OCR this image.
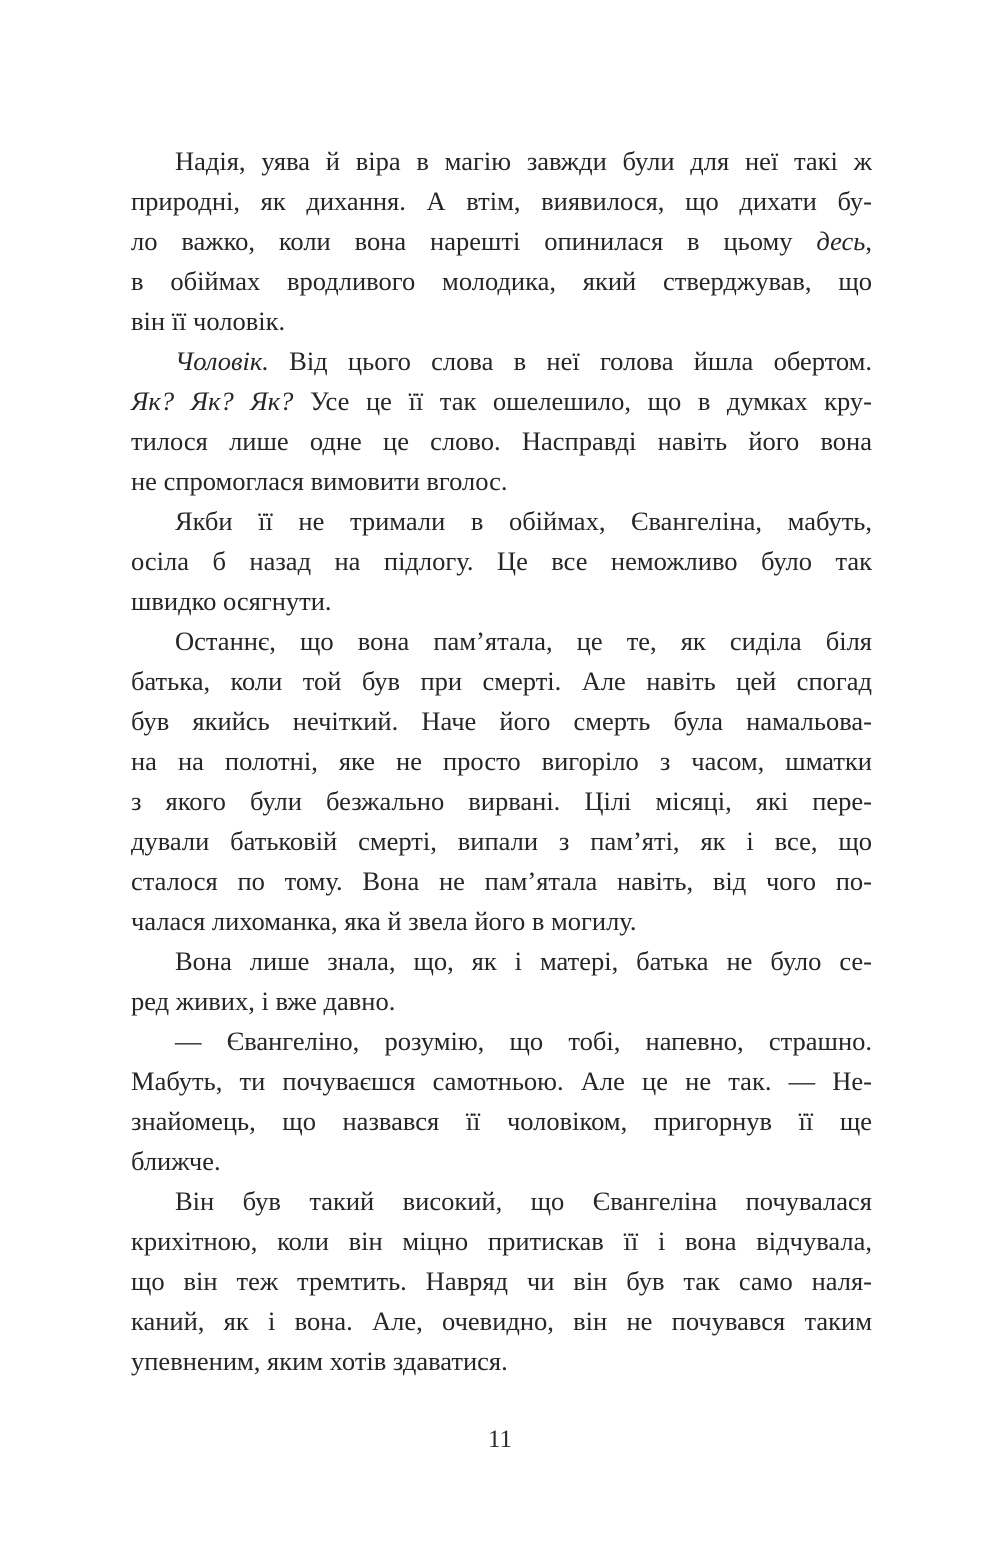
Надія, уява й віра в магію завжди були для неї такі ж
природні, як дихання. А втім, виявилося, що дихати бу-
ло важко, коли вона нарешті опинилася в цьому десь,
в обіймах вродливого молодика, який стверджував, що
він її чоловік.
Чоловік. Від цього слова в неї голова йшла обертом.
Як? Як? Як? Усе це її так ошелешило, що в думках кру-
тилося лише одне це слово. Насправді навіть його вона
не спромоглася вимовити вголос.
Якби її не тримали в обіймах, Євангеліна, мабуть,
осіла б назад на підлогу. Це все неможливо було так
швидко осягнути.
Останнє, що вона пам’ятала, це те, як сиділа біля
батька, коли той був при смерті. Але навіть цей спогад
був якийсь нечіткий. Наче його смерть була намальова-
на на полотні, яке не просто вигоріло з часом, шматки
з якого були безжально вирвані. Цілі місяці, які пере-
дували батьковій смерті, випали з пам’яті, як і все, що
сталося по тому. Вона не пам’ятала навіть, від чого по-
чалася лихоманка, яка й звела його в могилу.
Вона лише знала, що, як і матері, батька не було се-
ред живих, і вже давно.
— Євангеліно, розумію, що тобі, напевно, страшно.
Мабуть, ти почуваєшся самотньою. Але це не так. — Не-
знайомець, що назвався її чоловіком, пригорнув її ще
ближче.
Він був такий високий, що Євангеліна почувалася
крихітною, коли він міцно притискав її і вона відчувала,
що він теж тремтить. Навряд чи він був так само наля-
каний, як і вона. Але, очевидно, він не почувався таким
упевненим, яким хотів здаватися.
11
